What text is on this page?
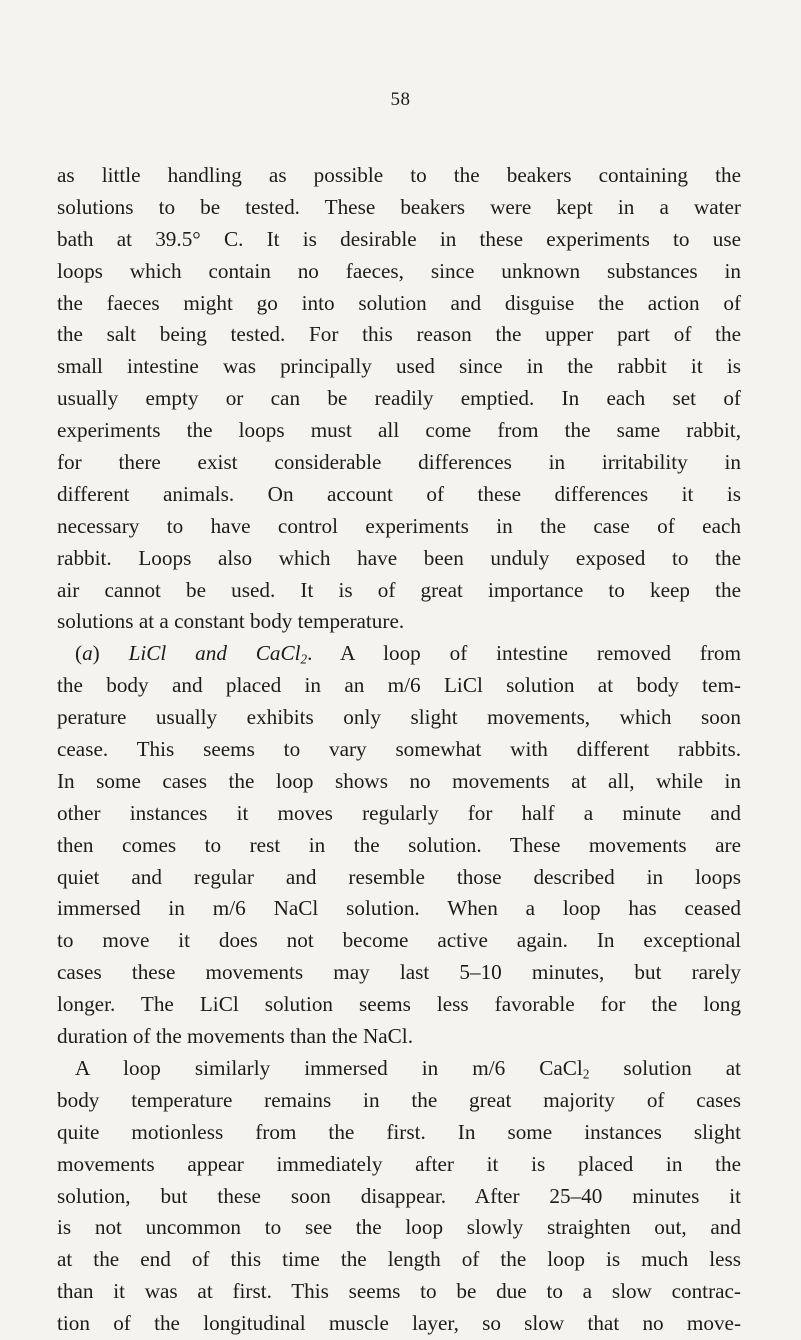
58
as little handling as possible to the beakers containing the
solutions to be tested. These beakers were kept in a water
bath at 39.5° C. It is desirable in these experiments to use
loops which contain no faeces, since unknown substances in
the faeces might go into solution and disguise the action of
the salt being tested. For this reason the upper part of the
small intestine was principally used since in the rabbit it is
usually empty or can be readily emptied. In each set of
experiments the loops must all come from the same rabbit,
for there exist considerable differences in irritability in
different animals. On account of these differences it is
necessary to have control experiments in the case of each
rabbit. Loops also which have been unduly exposed to the
air cannot be used. It is of great importance to keep the
solutions at a constant body temperature.
(a) LiCl and CaCl$_2$. A loop of intestine removed from
the body and placed in an m/6 LiCl solution at body tem-
perature usually exhibits only slight movements, which soon
cease. This seems to vary somewhat with different rabbits.
In some cases the loop shows no movements at all, while in
other instances it moves regularly for half a minute and
then comes to rest in the solution. These movements are
quiet and regular and resemble those described in loops
immersed in m/6 NaCl solution. When a loop has ceased
to move it does not become active again. In exceptional
cases these movements may last 5–10 minutes, but rarely
longer. The LiCl solution seems less favorable for the long
duration of the movements than the NaCl.
A loop similarly immersed in m/6 CaCl$_2$ solution at
body temperature remains in the great majority of cases
quite motionless from the first. In some instances slight
movements appear immediately after it is placed in the
solution, but these soon disappear. After 25–40 minutes it
is not uncommon to see the loop slowly straighten out, and
at the end of this time the length of the loop is much less
than it was at first. This seems to be due to a slow contrac-
tion of the longitudinal muscle layer, so slow that no move-
